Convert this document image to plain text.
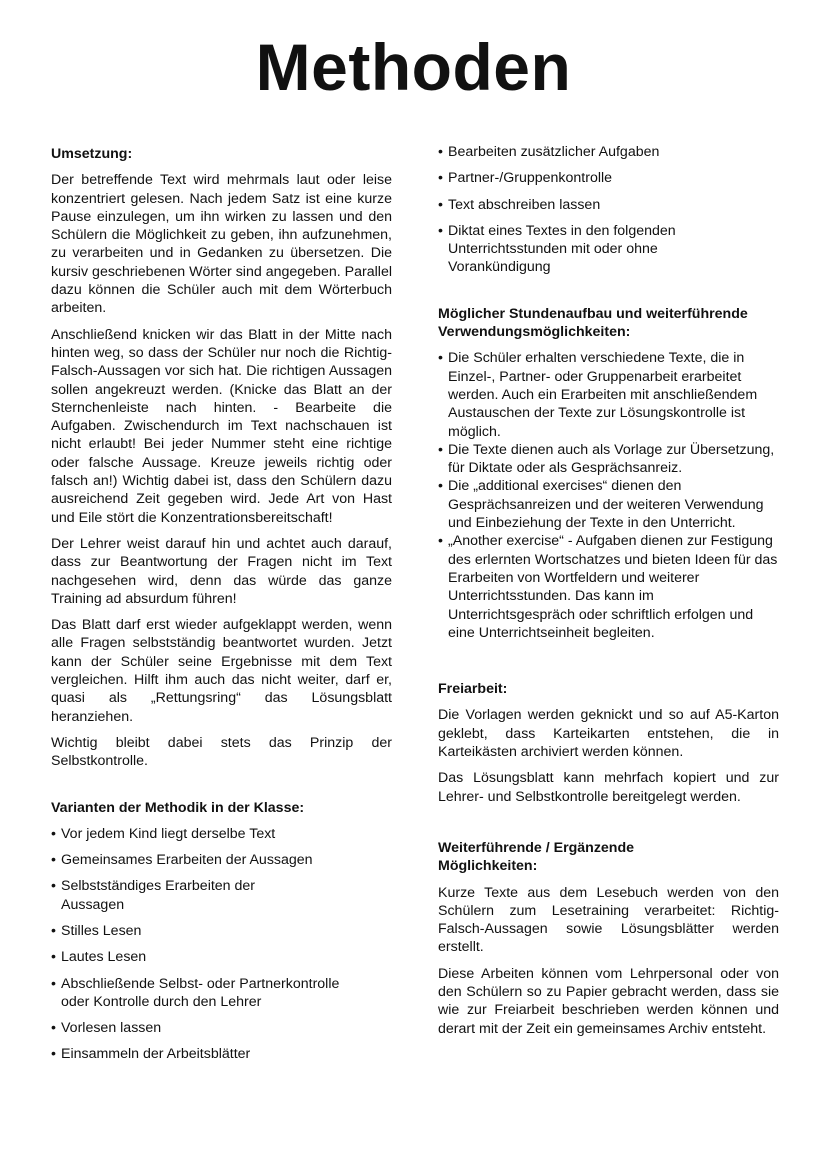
Methoden
Umsetzung:

Der betreffende Text wird mehrmals laut oder leise konzentriert gelesen. Nach jedem Satz ist eine kurze Pause einzulegen, um ihn wirken zu lassen und den Schülern die Möglichkeit zu geben, ihn aufzunehmen, zu verarbeiten und in Gedanken zu übersetzen. Die kursiv geschriebenen Wörter sind angegeben. Parallel dazu können die Schüler auch mit dem Wörterbuch arbeiten.

Anschließend knicken wir das Blatt in der Mitte nach hinten weg, so dass der Schüler nur noch die Richtig-Falsch-Aussagen vor sich hat. Die richtigen Aussagen sollen angekreuzt werden. (Knicke das Blatt an der Sternchenleiste nach hinten. - Bearbeite die Aufgaben. Zwischendurch im Text nachschauen ist nicht erlaubt! Bei jeder Nummer steht eine richtige oder falsche Aussage. Kreuze jeweils richtig oder falsch an!) Wichtig dabei ist, dass den Schülern dazu ausreichend Zeit gegeben wird. Jede Art von Hast und Eile stört die Konzentrationsbereitschaft!

Der Lehrer weist darauf hin und achtet auch darauf, dass zur Beantwortung der Fragen nicht im Text nachgesehen wird, denn das würde das ganze Training ad absurdum führen!

Das Blatt darf erst wieder aufgeklappt werden, wenn alle Fragen selbstständig beantwortet wurden. Jetzt kann der Schüler seine Ergebnisse mit dem Text vergleichen. Hilft ihm auch das nicht weiter, darf er, quasi als „Rettungsring“ das Lösungsblatt heranziehen.

Wichtig bleibt dabei stets das Prinzip der Selbstkontrolle.

Varianten der Methodik in der Klasse:
• Vor jedem Kind liegt derselbe Text
• Gemeinsames Erarbeiten der Aussagen
• Selbstständiges Erarbeiten der Aussagen
• Stilles Lesen
• Lautes Lesen
• Abschließende Selbst- oder Partnerkontrolle oder Kontrolle durch den Lehrer
• Vorlesen lassen
• Einsammeln der Arbeitsblätter
• Bearbeiten zusätzlicher Aufgaben
• Partner-/Gruppenkontrolle
• Text abschreiben lassen
• Diktat eines Textes in den folgenden Unterrichtsstunden mit oder ohne Vorankündigung
Möglicher Stundenaufbau und weiterführende Verwendungsmöglichkeiten:
• Die Schüler erhalten verschiedene Texte, die in Einzel-, Partner- oder Gruppenarbeit erarbeitet werden. Auch ein Erarbeiten mit anschließendem Austauschen der Texte zur Lösungskontrolle ist möglich.
• Die Texte dienen auch als Vorlage zur Übersetzung, für Diktate oder als Gesprächsanreiz.
• Die „additional exercises“ dienen den Gesprächsanreizen und der weiteren Verwendung und Einbeziehung der Texte in den Unterricht.
• „Another exercise“ - Aufgaben dienen zur Festigung des erlernten Wortschatzes und bieten Ideen für das Erarbeiten von Wortfeldern und weiterer Unterrichtsstunden. Das kann im Unterrichtsgespräch oder schriftlich erfolgen und eine Unterrichtseinheit begleiten.
Freiarbeit:

Die Vorlagen werden geknickt und so auf A5-Karton geklebt, dass Karteikarten entstehen, die in Karteikästen archiviert werden können.

Das Lösungsblatt kann mehrfach kopiert und zur Lehrer- und Selbstkontrolle bereitgelegt werden.

Weiterführende / Ergänzende Möglichkeiten:

Kurze Texte aus dem Lesebuch werden von den Schülern zum Lesetraining verarbeitet: Richtig-Falsch-Aussagen sowie Lösungsblätter werden erstellt.

Diese Arbeiten können vom Lehrpersonal oder von den Schülern so zu Papier gebracht werden, dass sie wie zur Freiarbeit beschrieben werden können und derart mit der Zeit ein gemeinsames Archiv entsteht.
